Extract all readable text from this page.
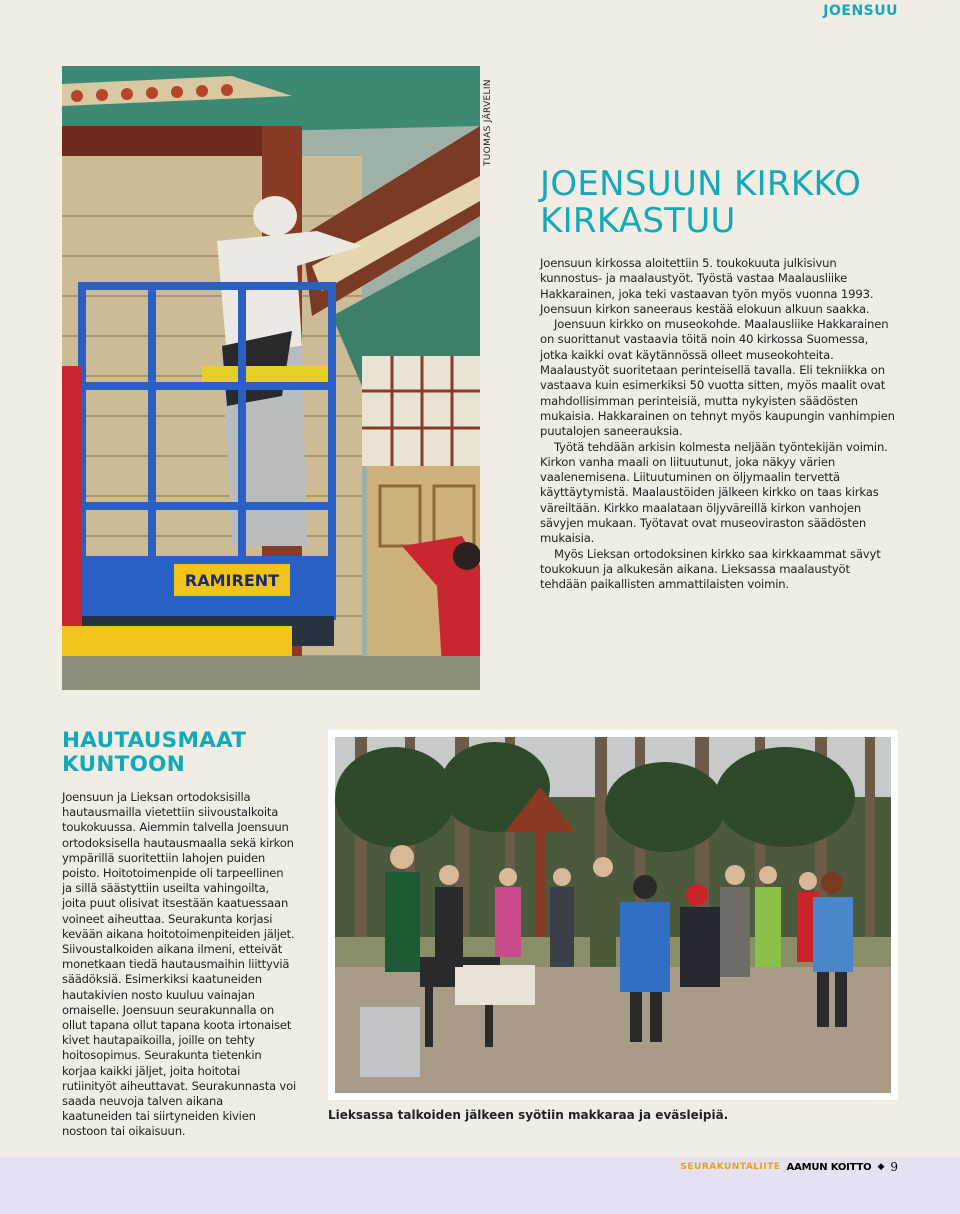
JOENSUU
RAMIRENT
TUOMAS JÄRVELIN
JOENSUUN KIRKKO KIRKASTUU

Joensuun kirkossa aloitettiin 5. toukokuuta julkisivun kunnostus- ja maalaustyöt. Työstä vastaa Maalausliike Hakkarainen, joka teki vastaavan työn myös vuonna 1993. Joensuun kirkon saneeraus kestää elokuun alkuun saakka.

Joensuun kirkko on museokohde. Maalausliike Hakkarainen on suorittanut vastaavia töitä noin 40 kirkossa Suomessa, jotka kaikki ovat käytännössä olleet museokohteita. Maalaustyöt suoritetaan perinteisellä tavalla. Eli tekniikka on vastaava kuin esimerkiksi 50 vuotta sitten, myös maalit ovat mahdollisimman perinteisiä, mutta nykyisten säädösten mukaisia. Hakkarainen on tehnyt myös kaupungin vanhimpien puutalojen saneerauksia.

Työtä tehdään arkisin kolmesta neljään työntekijän voimin. Kirkon vanha maali on liituutunut, joka näkyy värien vaalenemisena. Liituutuminen on öljymaalin tervettä käyttäytymistä. Maalaustöiden jälkeen kirkko on taas kirkas väreiltään. Kirkko maalataan öljyväreillä kirkon vanhojen sävyjen mukaan. Työtavat ovat museoviraston säädösten mukaisia.

Myös Lieksan ortodoksinen kirkko saa kirkkaammat sävyt toukokuun ja alkukesän aikana. Lieksassa maalaustyöt tehdään paikallisten ammattilaisten voimin.

HAUTAUSMAAT
KUNTOON
Joensuun ja Lieksan ortodoksisilla hautausmailla vietettiin siivoustalkoita toukokuussa. Aiemmin talvella Joensuun ortodoksisella hautausmaalla sekä kirkon ympärillä suoritettiin lahojen puiden poisto. Hoitotoimenpide oli tarpeellinen ja sillä säästyttiin useilta vahingoilta, joita puut olisivat itsestään kaatuessaan voineet aiheuttaa. Seurakunta korjasi kevään aikana hoitotoimenpiteiden jäljet. Siivoustalkoiden aikana ilmeni, etteivät monetkaan tiedä hautausmaihin liittyviä säädöksiä. Esimerkiksi kaatuneiden hautakivien nosto kuuluu vainajan omaiselle. Joensuun seurakunnalla on ollut tapana ollut tapana koota irtonaiset kivet hautapaikoilla, joille on tehty hoitosopimus. Seurakunta tietenkin korjaa kaikki jäljet, joita hoitotai rutiinityöt aiheuttavat. Seurakunnasta voi saada neuvoja talven aikana kaatuneiden tai siirtyneiden kivien nostoon tai oikaisuun.
Lieksassa talkoiden jälkeen syötiin makkaraa ja eväsleipiä.
SEURAKUNTALIITE AAMUN KOITTO ◆ 9
